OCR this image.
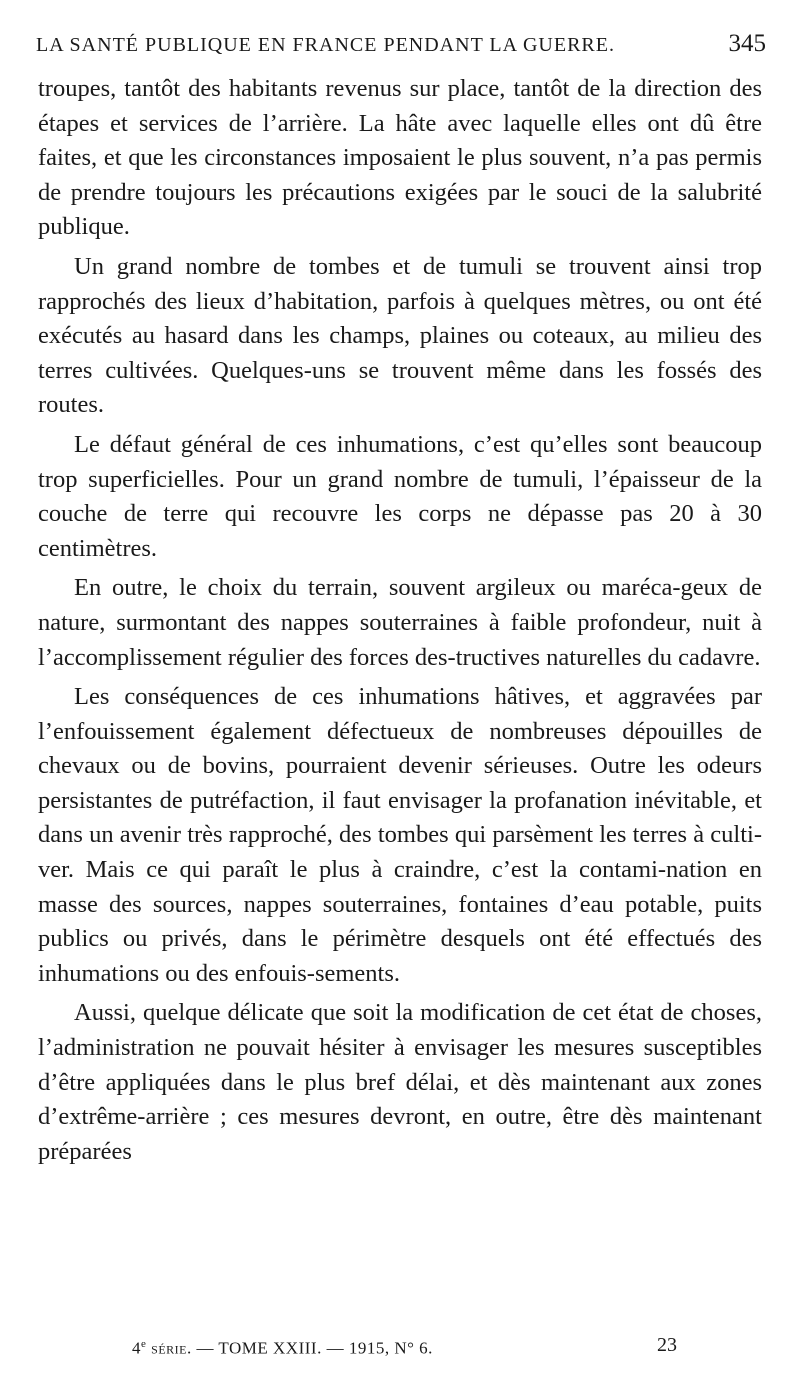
LA SANTÉ PUBLIQUE EN FRANCE PENDANT LA GUERRE.	345

troupes, tantôt des habitants revenus sur place, tantôt de la direction des étapes et services de l’arrière. La hâte avec laquelle elles ont dû être faites, et que les circonstances imposaient le plus souvent, n’a pas permis de prendre toujours les précautions exigées par le souci de la salubrité publique.

Un grand nombre de tombes et de tumuli se trouvent ainsi trop rapprochés des lieux d’habitation, parfois à quelques mètres, ou ont été exécutés au hasard dans les champs, plaines ou coteaux, au milieu des terres cultivées. Quelques-uns se trouvent même dans les fossés des routes.

Le défaut général de ces inhumations, c’est qu’elles sont beaucoup trop superficielles. Pour un grand nombre de tumuli, l’épaisseur de la couche de terre qui recouvre les corps ne dépasse pas 20 à 30 centimètres.

En outre, le choix du terrain, souvent argileux ou maréca-geux de nature, surmontant des nappes souterraines à faible profondeur, nuit à l’accomplissement régulier des forces des-tructives naturelles du cadavre.

Les conséquences de ces inhumations hâtives, et aggravées par l’enfouissement également défectueux de nombreuses dépouilles de chevaux ou de bovins, pourraient devenir sérieuses. Outre les odeurs persistantes de putréfaction, il faut envisager la profanation inévitable, et dans un avenir très rapproché, des tombes qui parsèment les terres à culti-ver. Mais ce qui paraît le plus à craindre, c’est la contami-nation en masse des sources, nappes souterraines, fontaines d’eau potable, puits publics ou privés, dans le périmètre desquels ont été effectués des inhumations ou des enfouis-sements.

Aussi, quelque délicate que soit la modification de cet état de choses, l’administration ne pouvait hésiter à envisager les mesures susceptibles d’être appliquées dans le plus bref délai, et dès maintenant aux zones d’extrême-arrière ; ces mesures devront, en outre, être dès maintenant préparées

4e série. — TOME XXIII. — 1915, N° 6.	23
